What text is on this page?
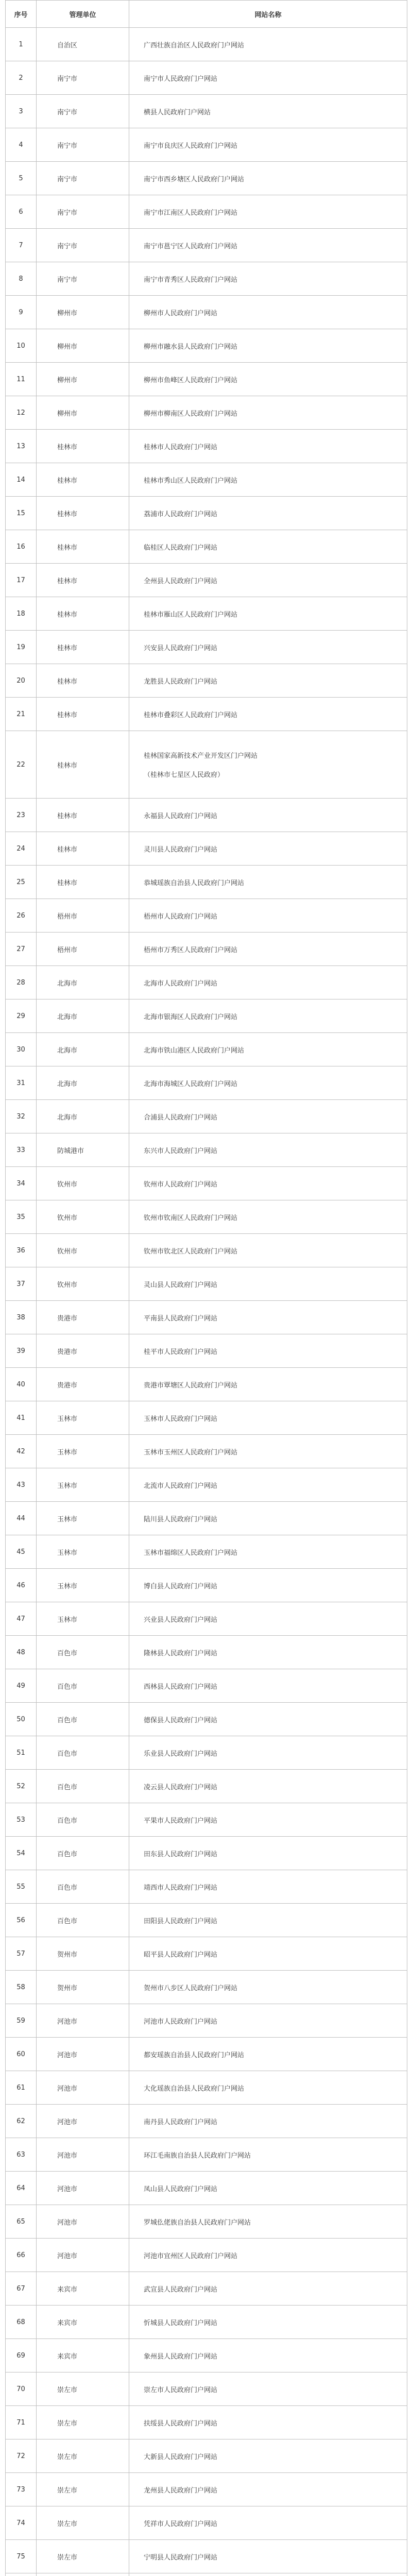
序号	管理单位	网站名称
1	自治区	广西壮族自治区人民政府门户网站
2	南宁市	南宁市人民政府门户网站
3	南宁市	横县人民政府门户网站
4	南宁市	南宁市良庆区人民政府门户网站
5	南宁市	南宁市西乡塘区人民政府门户网站
6	南宁市	南宁市江南区人民政府门户网站
7	南宁市	南宁市邕宁区人民政府门户网站
8	南宁市	南宁市青秀区人民政府门户网站
9	柳州市	柳州市人民政府门户网站
10	柳州市	柳州市融水县人民政府门户网站
11	柳州市	柳州市鱼峰区人民政府门户网站
12	柳州市	柳州市柳南区人民政府门户网站
13	桂林市	桂林市人民政府门户网站
14	桂林市	桂林市秀山区人民政府门户网站
15	桂林市	荔浦市人民政府门户网站
16	桂林市	临桂区人民政府门户网站
17	桂林市	全州县人民政府门户网站
18	桂林市	桂林市雁山区人民政府门户网站
19	桂林市	兴安县人民政府门户网站
20	桂林市	龙胜县人民政府门户网站
21	桂林市	桂林市叠彩区人民政府门户网站
22	桂林市	桂林国家高新技术产业开发区门户网站
（桂林市七星区人民政府）

23	桂林市	永福县人民政府门户网站
24	桂林市	灵川县人民政府门户网站
25	桂林市	恭城瑶族自治县人民政府门户网站
26	梧州市	梧州市人民政府门户网站
27	梧州市	梧州市万秀区人民政府门户网站
28	北海市	北海市人民政府门户网站
29	北海市	北海市银海区人民政府门户网站
30	北海市	北海市铁山港区人民政府门户网站
31	北海市	北海市海城区人民政府门户网站
32	北海市	合浦县人民政府门户网站
33	防城港市	东兴市人民政府门户网站
34	钦州市	钦州市人民政府门户网站
35	钦州市	钦州市钦南区人民政府门户网站
36	钦州市	钦州市钦北区人民政府门户网站
37	钦州市	灵山县人民政府门户网站
38	贵港市	平南县人民政府门户网站
39	贵港市	桂平市人民政府门户网站
40	贵港市	贵港市覃塘区人民政府门户网站
41	玉林市	玉林市人民政府门户网站
42	玉林市	玉林市玉州区人民政府门户网站
43	玉林市	北流市人民政府门户网站
44	玉林市	陆川县人民政府门户网站
45	玉林市	玉林市福绵区人民政府门户网站
46	玉林市	博白县人民政府门户网站
47	玉林市	兴业县人民政府门户网站
48	百色市	隆林县人民政府门户网站
49	百色市	西林县人民政府门户网站
50	百色市	德保县人民政府门户网站
51	百色市	乐业县人民政府门户网站
52	百色市	凌云县人民政府门户网站
53	百色市	平果市人民政府门户网站
54	百色市	田东县人民政府门户网站
55	百色市	靖西市人民政府门户网站
56	百色市	田阳县人民政府门户网站
57	贺州市	昭平县人民政府门户网站
58	贺州市	贺州市八步区人民政府门户网站
59	河池市	河池市人民政府门户网站
60	河池市	都安瑶族自治县人民政府门户网站
61	河池市	大化瑶族自治县人民政府门户网站
62	河池市	南丹县人民政府门户网站
63	河池市	环江毛南族自治县人民政府门户网站
64	河池市	凤山县人民政府门户网站
65	河池市	罗城仫佬族自治县人民政府门户网站
66	河池市	河池市宜州区人民政府门户网站
67	来宾市	武宣县人民政府门户网站
68	来宾市	忻城县人民政府门户网站
69	来宾市	象州县人民政府门户网站
70	崇左市	崇左市人民政府门户网站
71	崇左市	扶绥县人民政府门户网站
72	崇左市	大新县人民政府门户网站
73	崇左市	龙州县人民政府门户网站
74	崇左市	凭祥市人民政府门户网站
75	崇左市	宁明县人民政府门户网站
